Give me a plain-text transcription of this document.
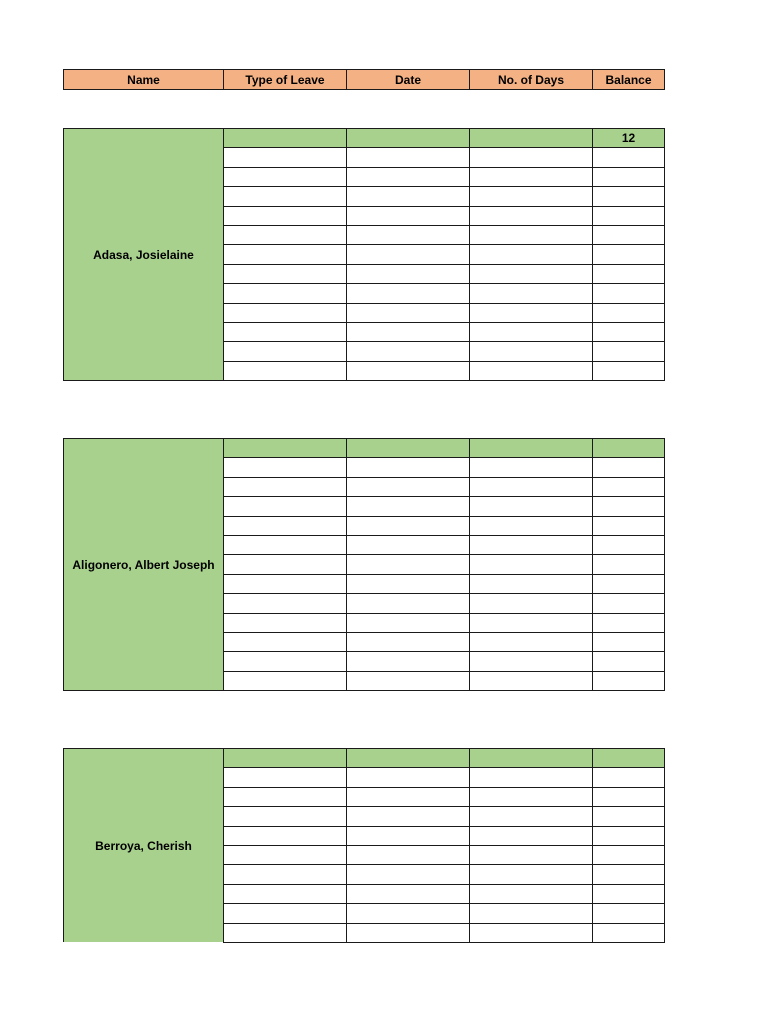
Name	Type of Leave	Date	No. of Days	Balance
Adasa, Josielaine				12

Aligonero, Albert Joseph				

Berroya, Cherish				
